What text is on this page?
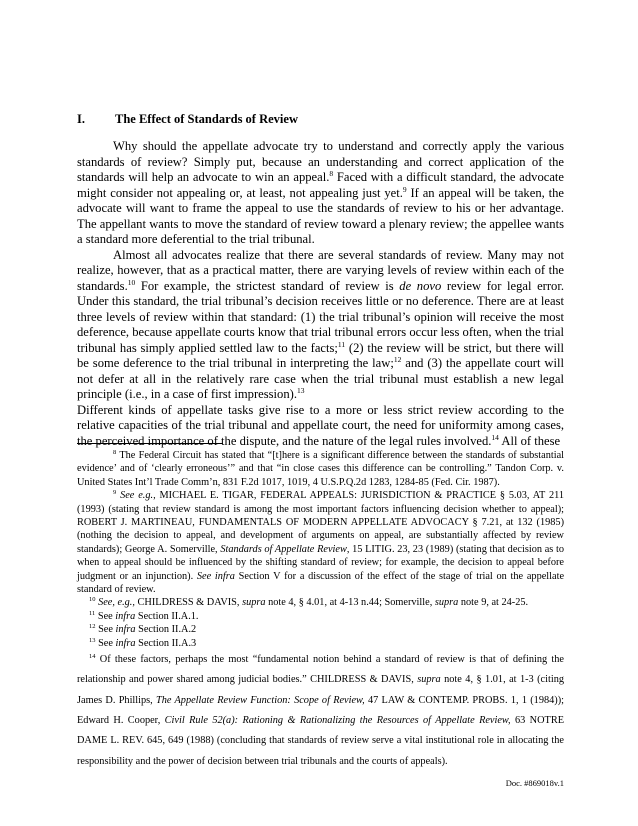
I.	The Effect of Standards of Review

Why should the appellate advocate try to understand and correctly apply the various standards of review? Simply put, because an understanding and correct application of the standards will help an advocate to win an appeal.$^8$ Faced with a difficult standard, the advocate might consider not appealing or, at least, not appealing just yet.$^9$ If an appeal will be taken, the advocate will want to frame the appeal to use the standards of review to his or her advantage. The appellant wants to move the standard of review toward a plenary review; the appellee wants a standard more deferential to the trial tribunal.

Almost all advocates realize that there are several standards of review. Many may not realize, however, that as a practical matter, there are varying levels of review within each of the standards.$^{10}$ For example, the strictest standard of review is de novo review for legal error. Under this standard, the trial tribunal’s decision receives little or no deference. There are at least three levels of review within that standard: (1) the trial tribunal’s opinion will receive the most deference, because appellate courts know that trial tribunal errors occur less often, when the trial tribunal has simply applied settled law to the facts;$^{11}$ (2) the review will be strict, but there will be some deference to the trial tribunal in interpreting the law;$^{12}$ and (3) the appellate court will not defer at all in the relatively rare case when the trial tribunal must establish a new legal principle (i.e., in a case of first impression).$^{13}$

Different kinds of appellate tasks give rise to a more or less strict review according to the relative capacities of the trial tribunal and appellate court, the need for uniformity among cases, the perceived importance of the dispute, and the nature of the legal rules involved.$^{14}$ All of these

$^8$ The Federal Circuit has stated that “[t]here is a significant difference between the standards of substantial evidence’ and of ‘clearly erroneous’” and that “in close cases this difference can be controlling.” Tandon Corp. v. United States Int’l Trade Comm’n, 831 F.2d 1017, 1019, 4 U.S.P.Q.2d 1283, 1284-85 (Fed. Cir. 1987).

$^9$ See e.g., MICHAEL E. TIGAR, FEDERAL APPEALS: JURISDICTION & PRACTICE § 5.03, AT 211 (1993) (stating that review standard is among the most important factors influencing decision whether to appeal); ROBERT J. MARTINEAU, FUNDAMENTALS OF MODERN APPELLATE ADVOCACY § 7.21, at 132 (1985) (nothing the decision to appeal, and development of arguments on appeal, are substantially affected by review standards); George A. Somerville, Standards of Appellate Review, 15 LITIG. 23, 23 (1989) (stating that decision as to when to appeal should be influenced by the shifting standard of review; for example, the decision to appeal before judgment or an injunction). See infra Section V for a discussion of the effect of the stage of trial on the appellate standard of review.

$^{10}$ See, e.g., CHILDRESS & DAVIS, supra note 4, § 4.01, at 4-13 n.44; Somerville, supra note 9, at 24-25.

$^{11}$ See infra Section II.A.1.

$^{12}$ See infra Section II.A.2

$^{13}$ See infra Section II.A.3

$^{14}$ Of these factors, perhaps the most “fundamental notion behind a standard of review is that of defining the relationship and power shared among judicial bodies.” CHILDRESS & DAVIS, supra note 4, § 1.01, at 1-3 (citing James D. Phillips, The Appellate Review Function: Scope of Review, 47 LAW & CONTEMP. PROBS. 1, 1 (1984)); Edward H. Cooper, Civil Rule 52(a): Rationing & Rationalizing the Resources of Appellate Review, 63 NOTRE DAME L. REV. 645, 649 (1988) (concluding that standards of review serve a vital institutional role in allocating the responsibility and the power of decision between trial tribunals and the courts of appeals).

Doc. #869018v.1
